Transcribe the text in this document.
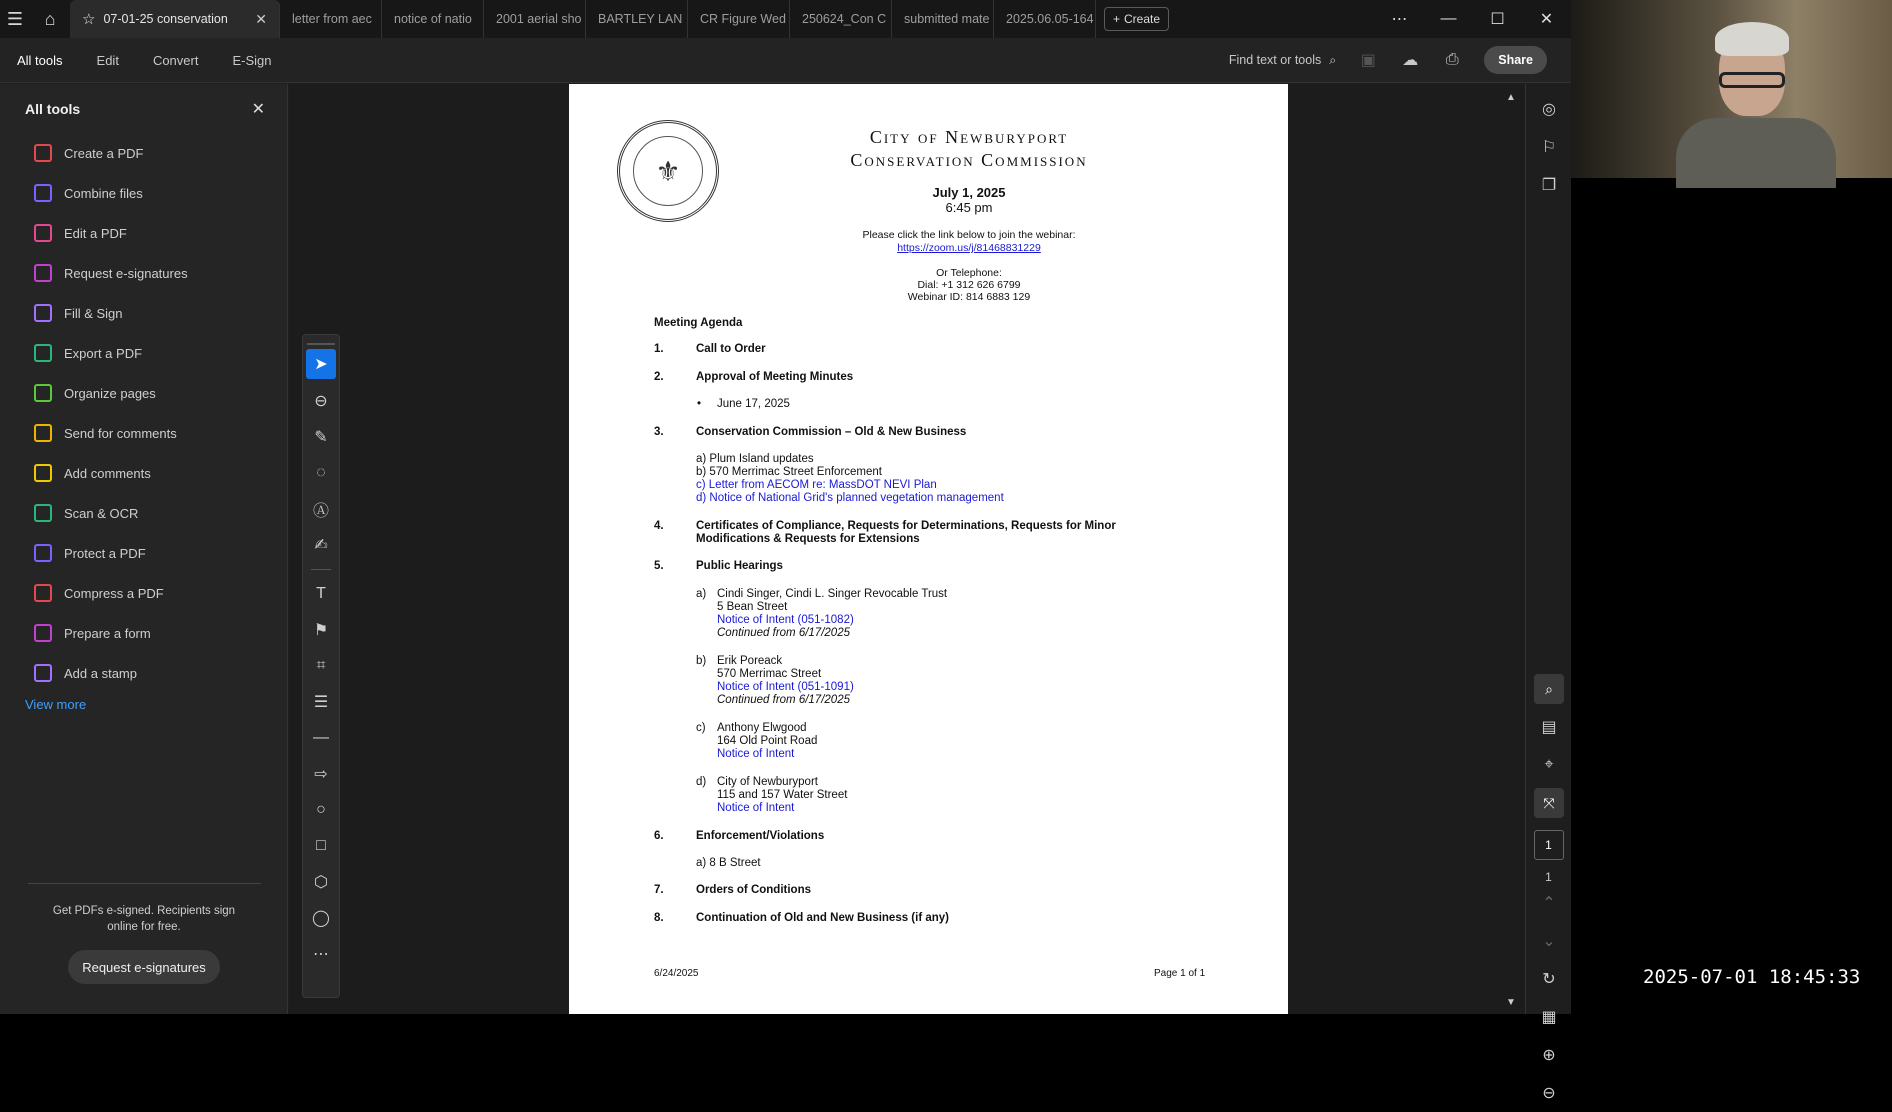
☰	⌂	☆ 07-01-25 conservation ✕ letter from aec notice of natio 2001 aerial sho BARTLEY LAN CR Figure Wed 250624_Con C submitted mate 2025.06.05-164 + Create	⋯	—	☐	✕
All tools	Edit	Convert	E-Sign	Find text or tools ⌕ ▣ ☁ ⎙	Share
All tools	✕
Create a PDF
Combine files
Edit a PDF
Request e-signatures
Fill & Sign
Export a PDF
Organize pages
Send for comments
Add comments
Scan & OCR
Protect a PDF
Compress a PDF
Prepare a form
Add a stamp
View more
Get PDFs e-signed. Recipients sign online for free.
Request e-signatures
➤
⊖
✎
◌
Ⓐ
✍
T
⚑
⌗
☰
—
⇨
○
□
⬡
◯
⋯
⚜
City of Newburyport
Conservation Commission
July 1, 2025
6:45 pm
Please click the link below to join the webinar:
https://zoom.us/j/81468831229
Or Telephone:
Dial: +1 312 626 6799
Webinar ID: 814 6883 129
Meeting Agenda
1.	Call to Order
2.	Approval of Meeting Minutes
• June 17, 2025
3.	Conservation Commission – Old & New Business
a) Plum Island updates
b) 570 Merrimac Street Enforcement
c) Letter from AECOM re: MassDOT NEVI Plan
d) Notice of National Grid's planned vegetation management
4.	Certificates of Compliance, Requests for Determinations, Requests for Minor
Modifications & Requests for Extensions
5.	Public Hearings
a) Cindi Singer, Cindi L. Singer Revocable Trust
5 Bean Street
Notice of Intent (051-1082)
Continued from 6/17/2025
b) Erik Poreack
570 Merrimac Street
Notice of Intent (051-1091)
Continued from 6/17/2025
c) Anthony Elwgood
164 Old Point Road
Notice of Intent
d) City of Newburyport
115 and 157 Water Street
Notice of Intent
6.	Enforcement/Violations
a) 8 B Street
7.	Orders of Conditions
8.	Continuation of Old and New Business (if any)
6/24/2025	Page 1 of 1
▲
▼
◎
⚐
❐
⌕
▤
⌖
⤧
1
1
⌃
⌄
↻
▦
⊕
⊖
2025-07-01 18:45:33
